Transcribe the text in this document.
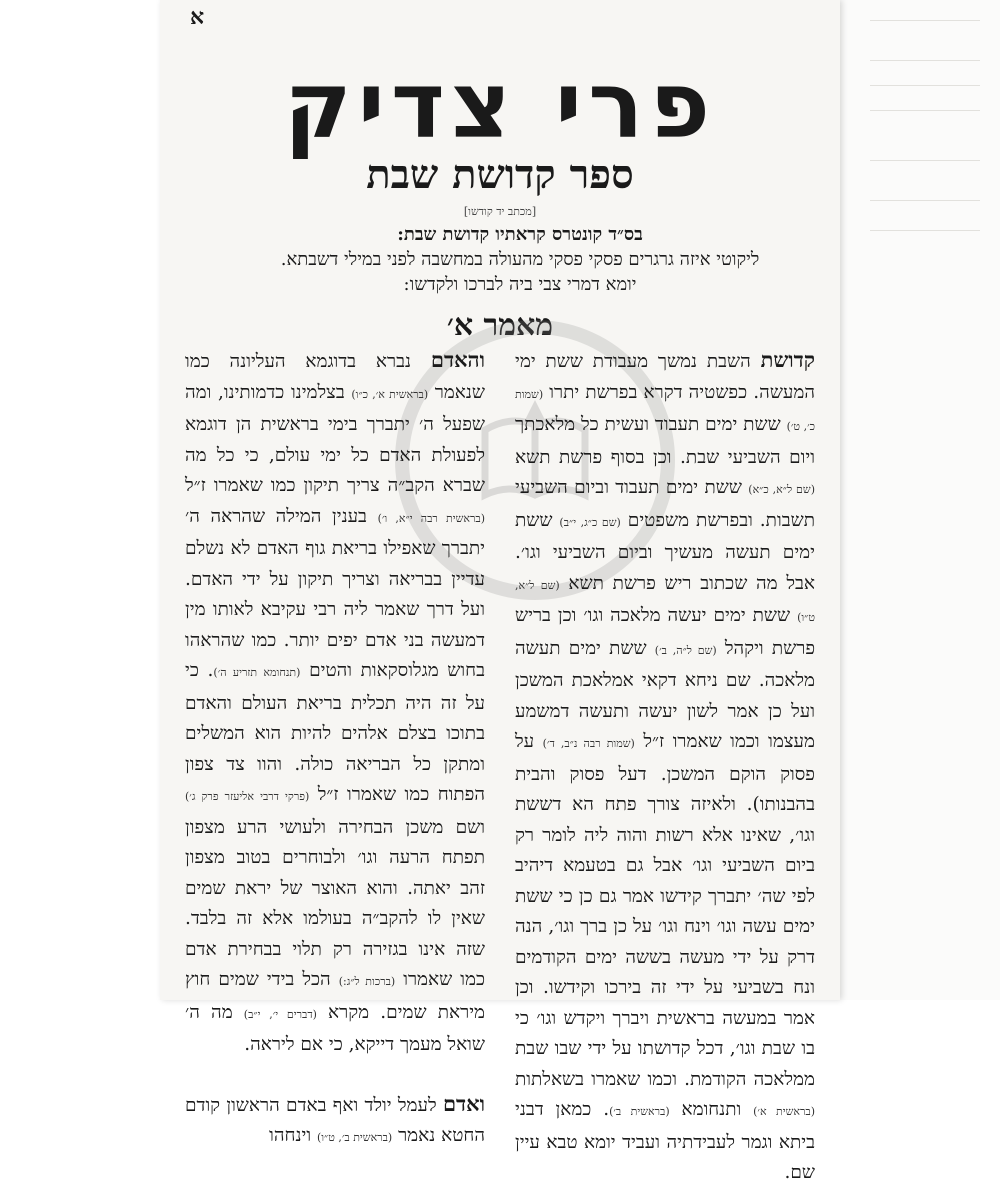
א
פרי צדיק
ספר קדושת שבת
[מכתב יד קודשו]
בס״ד קונטרס קראתיו קדושת שבת:
ליקוטי איזה גרגרים פסקי פסקי מהעולה במחשבה לפני במילי דשבתא.
יומא דמרי צבי ביה לברכו ולקדשו:
מאמר א׳

קדושת השבת נמשך מעבודת ששת ימי המעשה. כפשטיה דקרא בפרשת יתרו (שמות כ׳, ט׳) ששת ימים תעבוד ועשית כל מלאכתך ויום השביעי שבת. וכן בסוף פרשת תשא (שם ל״א, כ״א) ששת ימים תעבוד וביום השביעי תשבות. ובפרשת משפטים (שם כ״ג, י״ב) ששת ימים תעשה מעשיך וביום השביעי וגו׳. אבל מה שכתוב ריש פרשת תשא (שם ל״א, ט״ו) ששת ימים יעשה מלאכה וגו׳ וכן בריש פרשת ויקהל (שם ל״ה, ב׳) ששת ימים תעשה מלאכה. שם ניחא דקאי אמלאכת המשכן ועל כן אמר לשון יעשה ותעשה דמשמע מעצמו וכמו שאמרו ז״ל (שמות רבה נ״ב, ד׳) על פסוק הוקם המשכן. דעל פסוק והבית בהבנותו). ולאיזה צורך פתח הא דששת וגו׳, שאינו אלא רשות והוה ליה לומר רק ביום השביעי וגו׳ אבל גם בטעמא דיהיב לפי שה׳ יתברך קידשו אמר גם כן כי ששת ימים עשה וגו׳ וינח וגו׳ על כן ברך וגו׳, הנה דרק על ידי מעשה בששה ימים הקודמים ונח בשביעי על ידי זה בירכו וקידשו. וכן אמר במעשה בראשית ויברך ויקדש וגו׳ כי בו שבת וגו׳, דכל קדושתו על ידי שבו שבת ממלאכה הקודמת. וכמו שאמרו בשאלתות (בראשית א׳) ותנחומא (בראשית ב׳). כמאן דבני ביתא וגמר לעבידתיה ועביד יומא טבא עיין שם.

והאדם נברא בדוגמא העליונה כמו שנאמר (בראשית א׳, כ״ו) בצלמינו כדמותינו, ומה שפעל ה׳ יתברך בימי בראשית הן דוגמא לפעולת האדם כל ימי עולם, כי כל מה שברא הקב״ה צריך תיקון כמו שאמרו ז״ל (בראשית רבה י״א, ו׳) בענין המילה שהראה ה׳ יתברך שאפילו בריאת גוף האדם לא נשלם עדיין בבריאה וצריך תיקון על ידי האדם. ועל דרך שאמר ליה רבי עקיבא לאותו מין דמעשה בני אדם יפים יותר. כמו שהראהו בחוש מגלוסקאות והטים (תנחומא תזריע ה׳). כי על זה היה תכלית בריאת העולם והאדם בתוכו בצלם אלהים להיות הוא המשלים ומתקן כל הבריאה כולה. והוו צד צפון הפתוח כמו שאמרו ז״ל (פרקי דרבי אליעזר פרק ג׳) ושם משכן הבחירה ולעושי הרע מצפון תפתח הרעה וגו׳ ולבוחרים בטוב מצפון זהב יאתה. והוא האוצר של יראת שמים שאין לו להקב״ה בעולמו אלא זה בלבד. שזה אינו בגזירה רק תלוי בבחירת אדם כמו שאמרו (ברכות ל״ג:) הכל בידי שמים חוץ מיראת שמים. מקרא (דברים י׳, י״ב) מה ה׳ שואל מעמך דייקא, כי אם ליראה.

ואדם לעמל יולד ואף באדם הראשון קודם החטא נאמר (בראשית ב׳, ט״ו) וינחהו
